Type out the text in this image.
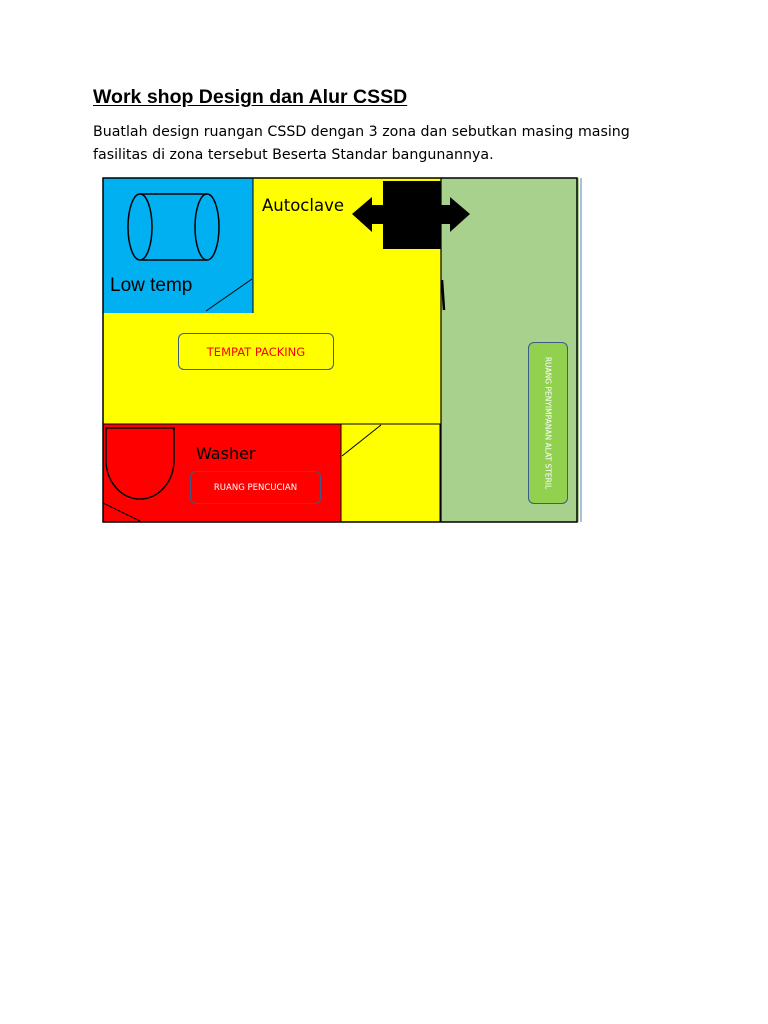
Work shop Design dan Alur CSSD
Buatlah design ruangan CSSD dengan 3 zona dan sebutkan masing masing
fasilitas di zona tersebut Beserta Standar bangunannya.
Low temp
Autoclave
Washer
TEMPAT PACKING
RUANG PENCUCIAN	RUANG PENYIMPANAN ALAT STERIL
